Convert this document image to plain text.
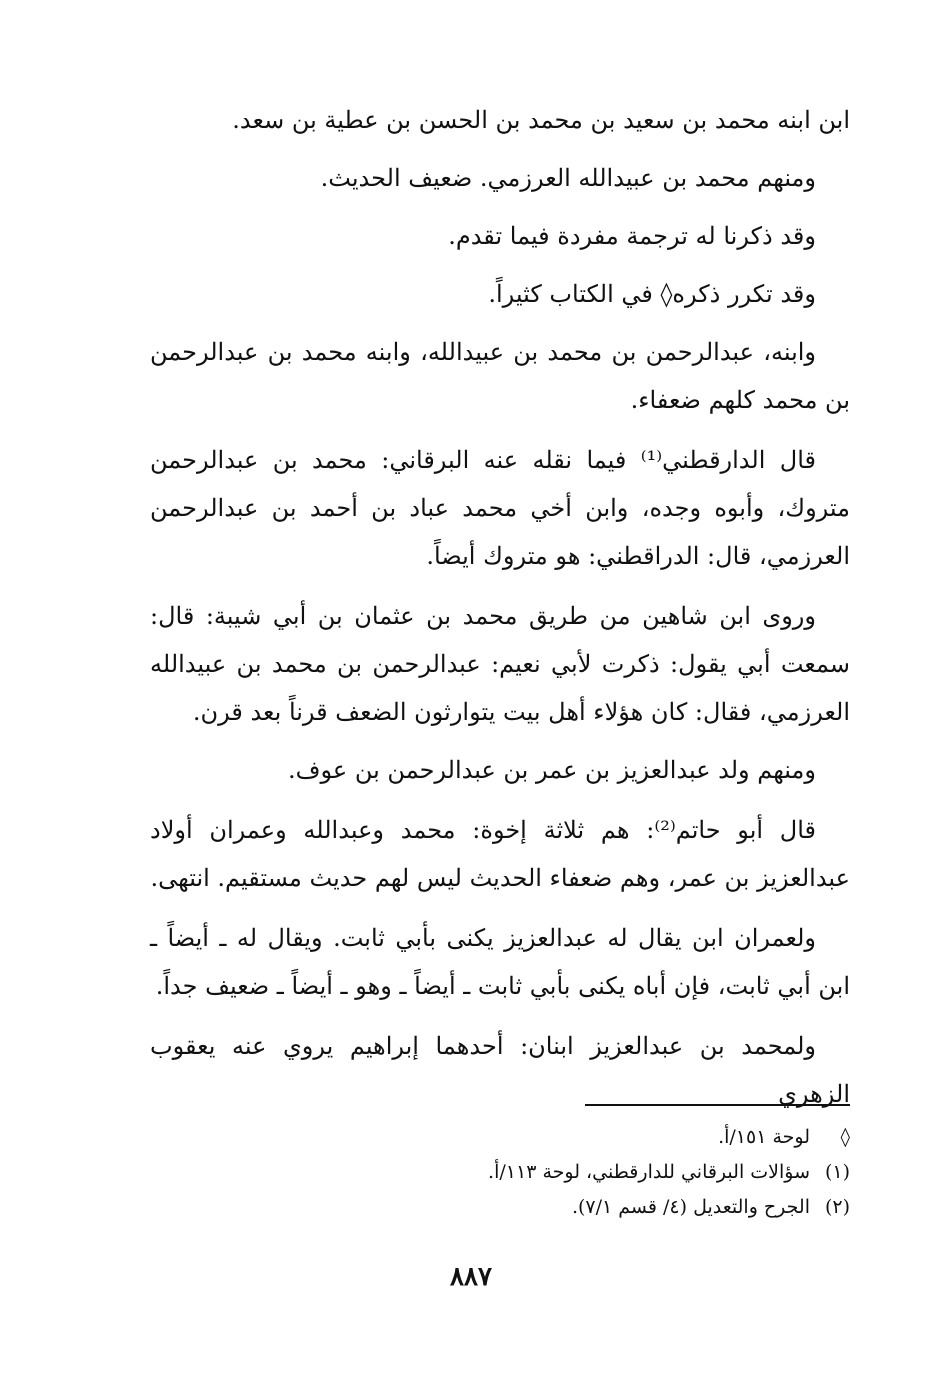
ابن ابنه محمد بن سعيد بن محمد بن الحسن بن عطية بن سعد.

ومنهم محمد بن عبيدالله العرزمي. ضعيف الحديث.

وقد ذكرنا له ترجمة مفردة فيما تقدم.

وقد تكرر ذكره◊ في الكتاب كثيراً.

وابنه، عبدالرحمن بن محمد بن عبيدالله، وابنه محمد بن عبدالرحمن بن محمد كلهم ضعفاء.

قال الدارقطني⁽¹⁾ فيما نقله عنه البرقاني: محمد بن عبدالرحمن متروك، وأبوه وجده، وابن أخي محمد عباد بن أحمد بن عبدالرحمن العرزمي، قال: الدراقطني: هو متروك أيضاً.

وروى ابن شاهين من طريق محمد بن عثمان بن أبي شيبة: قال: سمعت أبي يقول: ذكرت لأبي نعيم: عبدالرحمن بن محمد بن عبيدالله العرزمي، فقال: كان هؤلاء أهل بيت يتوارثون الضعف قرناً بعد قرن.

ومنهم ولد عبدالعزيز بن عمر بن عبدالرحمن بن عوف.

قال أبو حاتم⁽²⁾: هم ثلاثة إخوة: محمد وعبدالله وعمران أولاد عبدالعزيز بن عمر، وهم ضعفاء الحديث ليس لهم حديث مستقيم. انتهى.

ولعمران ابن يقال له عبدالعزيز يكنى بأبي ثابت. ويقال له ـ أيضاً ـ ابن أبي ثابت، فإن أباه يكنى بأبي ثابت ـ أيضاً ـ وهو ـ أيضاً ـ ضعيف جداً.

ولمحمد بن عبدالعزيز ابنان: أحدهما إبراهيم يروي عنه يعقوب الزهري

◊لوحة ١٥١/أ.
(١)سؤالات البرقاني للدارقطني، لوحة ١١٣/أ.
(٢)الجرح والتعديل (٤/ قسم ٧/١).
٨٨٧
